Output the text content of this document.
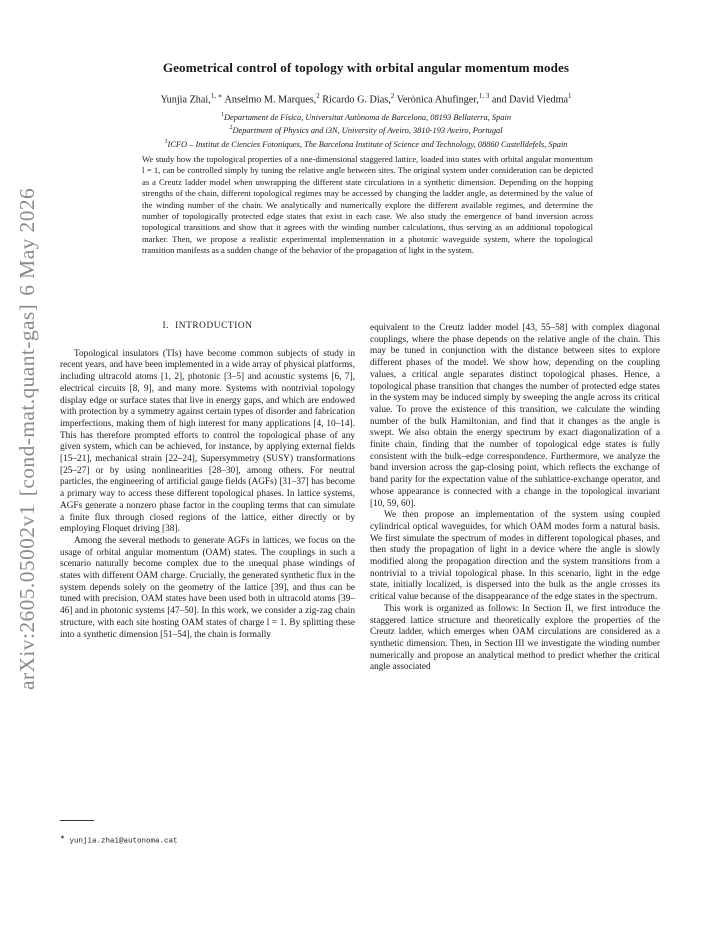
arXiv:2605.05002v1
[cond-mat.quant-gas]
6 May 2026
Geometrical control of topology with orbital angular momentum modes
Yunjia Zhai,$^{1, ∗}$ Anselmo M. Marques,$^2$ Ricardo G. Dias,$^2$ Verònica Ahufinger,$^{1, 3}$ and David Viedma$^1$
$^1$Departament de Física, Universitat Autònoma de Barcelona, 08193 Bellaterra, Spain
$^2$Department of Physics and i3N, University of Aveiro, 3810-193 Aveiro, Portugal
$^3$ICFO – Institut de Ciencies Fotoniques, The Barcelona Institute of Science and Technology, 08860 Castelldefels, Spain
We study how the topological properties of a one-dimensional staggered lattice, loaded into states with orbital angular momentum l = 1, can be controlled simply by tuning the relative angle between sites. The original system under consideration can be depicted as a Creutz ladder model when unwrapping the different state circulations in a synthetic dimension. Depending on the hopping strengths of the chain, different topological regimes may be accessed by changing the ladder angle, as determined by the value of the winding number of the chain. We analytically and numerically explore the different available regimes, and determine the number of topologically protected edge states that exist in each case. We also study the emergence of band inversion across topological transitions and show that it agrees with the winding number calculations, thus serving as an additional topological marker. Then, we propose a realistic experimental implementation in a photonic waveguide system, where the topological transition manifests as a sudden change of the behavior of the propagation of light in the system.
I. INTRODUCTION

Topological insulators (TIs) have become common subjects of study in recent years, and have been implemented in a wide array of physical platforms, including ultracold atoms [1, 2], photonic [3–5] and acoustic systems [6, 7], electrical circuits [8, 9], and many more. Systems with nontrivial topology display edge or surface states that live in energy gaps, and which are endowed with protection by a symmetry against certain types of disorder and fabrication imperfections, making them of high interest for many applications [4, 10–14]. This has therefore prompted efforts to control the topological phase of any given system, which can be achieved, for instance, by applying external fields [15–21], mechanical strain [22–24], Supersymmetry (SUSY) transformations [25–27] or by using nonlinearities [28–30], among others. For neutral particles, the engineering of artificial gauge fields (AGFs) [31–37] has become a primary way to access these different topological phases. In lattice systems, AGFs generate a nonzero phase factor in the coupling terms that can simulate a finite flux through closed regions of the lattice, either directly or by employing Floquet driving [38].

Among the several methods to generate AGFs in lattices, we focus on the usage of orbital angular momentum (OAM) states. The couplings in such a scenario naturally become complex due to the unequal phase windings of states with different OAM charge. Crucially, the generated synthetic flux in the system depends solely on the geometry of the lattice [39], and thus can be tuned with precision. OAM states have been used both in ultracold atoms [39–46] and in photonic systems [47–50]. In this work, we consider a zig-zag chain structure, with each site hosting OAM states of charge l = 1. By splitting these into a synthetic dimension [51–54], the chain is formally

equivalent to the Creutz ladder model [43, 55–58] with complex diagonal couplings, where the phase depends on the relative angle of the chain. This may be tuned in conjunction with the distance between sites to explore different phases of the model. We show how, depending on the coupling values, a critical angle separates distinct topological phases. Hence, a topological phase transition that changes the number of protected edge states in the system may be induced simply by sweeping the angle across its critical value. To prove the existence of this transition, we calculate the winding number of the bulk Hamiltonian, and find that it changes as the angle is swept. We also obtain the energy spectrum by exact diagonalization of a finite chain, finding that the number of topological edge states is fully consistent with the bulk–edge correspondence. Furthermore, we analyze the band inversion across the gap-closing point, which reflects the exchange of band parity for the expectation value of the sublattice-exchange operator, and whose appearance is connected with a change in the topological invariant [10, 59, 60].

We then propose an implementation of the system using coupled cylindrical optical waveguides, for which OAM modes form a natural basis. We first simulate the spectrum of modes in different topological phases, and then study the propagation of light in a device where the angle is slowly modified along the propagation direction and the system transitions from a nontrivial to a trivial topological phase. In this scenario, light in the edge state, initially localized, is dispersed into the bulk as the angle crosses its critical value because of the disappearance of the edge states in the spectrum.

This work is organized as follows: In Section II, we first introduce the staggered lattice structure and theoretically explore the properties of the Creutz ladder, which emerges when OAM circulations are considered as a synthetic dimension. Then, in Section III we investigate the winding number numerically and propose an analytical method to predict whether the critical angle associated

∗ yunjia.zhai@autonoma.cat
